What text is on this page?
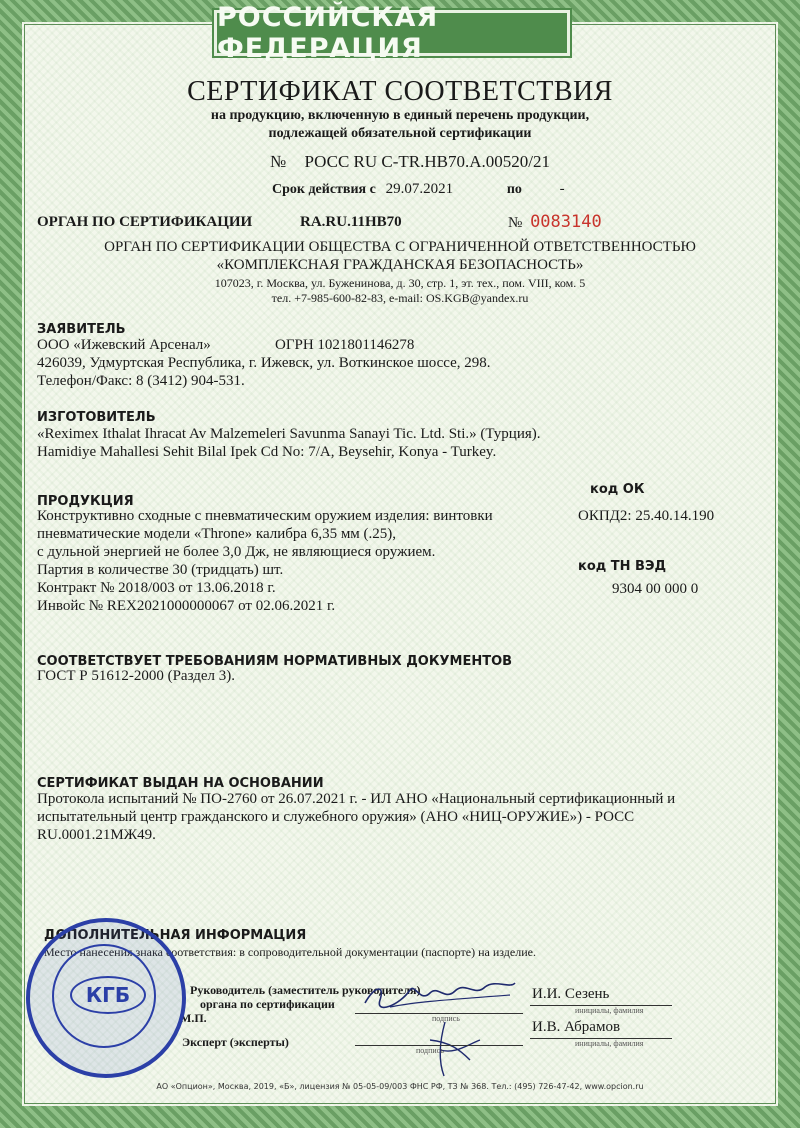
РОССИЙСКАЯ ФЕДЕРАЦИЯ
СЕРТИФИКАТ СООТВЕТСТВИЯ
на продукцию, включенную в единый перечень продукции,
подлежащей обязательной сертификации
№ РОСС RU C-TR.HB70.A.00520/21
Срок действия с 29.07.2021	по	-
ОРГАН ПО СЕРТИФИКАЦИИ	RA.RU.11HB70	№ 0083140
ОРГАН ПО СЕРТИФИКАЦИИ ОБЩЕСТВА С ОГРАНИЧЕННОЙ ОТВЕТСТВЕННОСТЬЮ
«КОМПЛЕКСНАЯ ГРАЖДАНСКАЯ БЕЗОПАСНОСТЬ»
107023, г. Москва, ул. Буженинова, д. 30, стр. 1, эт. тех., пом. VIII, ком. 5
тел. +7-985-600-82-83, e-mail: OS.KGB@yandex.ru
ЗАЯВИТЕЛЬ
ООО «Ижевский Арсенал»	ОГРН 1021801146278
426039, Удмуртская Республика, г. Ижевск, ул. Воткинское шоссе, 298.
Телефон/Факс: 8 (3412) 904-531.
ИЗГОТОВИТЕЛЬ
«Reximex Ithalat Ihracat Av Malzemeleri Savunma Sanayi Tic. Ltd. Sti.» (Турция).
Hamidiye Mahallesi Sehit Bilal Ipek Cd No: 7/A, Beysehir, Konya - Turkey.
ПРОДУКЦИЯ
Конструктивно сходные с пневматическим оружием изделия: винтовки
пневматические модели «Throne» калибра 6,35 мм (.25),
с дульной энергией не более 3,0 Дж, не являющиеся оружием.
Партия в количестве 30 (тридцать) шт.
Контракт № 2018/003 от 13.06.2018 г.
Инвойс № REX2021000000067 от 02.06.2021 г.
код ОК
ОКПД2: 25.40.14.190
код ТН ВЭД
9304 00 000 0
СООТВЕТСТВУЕТ ТРЕБОВАНИЯМ НОРМАТИВНЫХ ДОКУМЕНТОВ
ГОСТ Р 51612-2000 (Раздел 3).
СЕРТИФИКАТ ВЫДАН НА ОСНОВАНИИ
Протокола испытаний № ПО-2760 от 26.07.2021 г. - ИЛ АНО «Национальный сертификационный и
испытательный центр гражданского и служебного оружия» (АНО «НИЦ-ОРУЖИЕ») - РОСС
RU.0001.21МЖ49.
ДОПОЛНИТЕЛЬНАЯ ИНФОРМАЦИЯ
Место нанесения знака соответствия: в сопроводительной документации (паспорте) на изделие.
Руководитель (заместитель руководителя)
органа по сертификации
М.П.	подпись
И.И. Сезень
инициалы, фамилия
Эксперт (эксперты)
подпись
И.В. Абрамов
инициалы, фамилия
КГБ
АО «Опцион», Москва, 2019, «Б», лицензия № 05-05-09/003 ФНС РФ, ТЗ № 368. Тел.: (495) 726-47-42, www.opcion.ru
